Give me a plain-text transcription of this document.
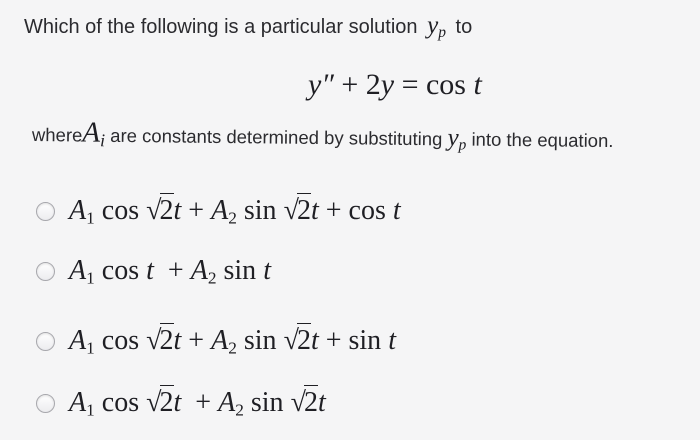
Which of the following is a particular solution $y_p$ to
y″ + 2y = cos t
whereA$_i$ are constants determined by substituting $y_p$ into the equation.
$A_1$ $\cos √2t + A_2$ sin √2t + cos t
$A_1$ $\cos t + A_2$ sin t
$A_1$ $\cos √2t + A_2$ sin √2t + sin t
$A_1$ $\cos √2t + A_2$ sin √2t
